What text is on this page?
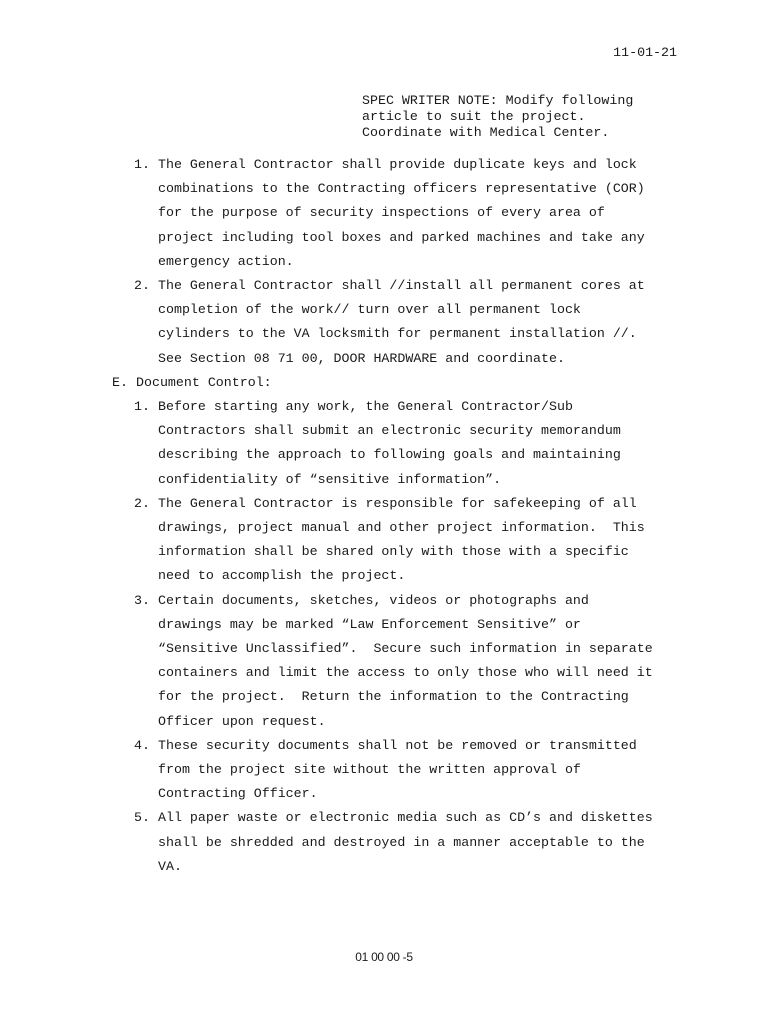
11-01-21
SPEC WRITER NOTE: Modify following
article to suit the project.
Coordinate with Medical Center.
1. The General Contractor shall provide duplicate keys and lock
combinations to the Contracting officers representative (COR)
for the purpose of security inspections of every area of
project including tool boxes and parked machines and take any
emergency action.
2. The General Contractor shall //install all permanent cores at
completion of the work// turn over all permanent lock
cylinders to the VA locksmith for permanent installation //.
See Section 08 71 00, DOOR HARDWARE and coordinate.
E. Document Control:
1. Before starting any work, the General Contractor/Sub
Contractors shall submit an electronic security memorandum
describing the approach to following goals and maintaining
confidentiality of “sensitive information”.
2. The General Contractor is responsible for safekeeping of all
drawings, project manual and other project information.  This
information shall be shared only with those with a specific
need to accomplish the project.
3. Certain documents, sketches, videos or photographs and
drawings may be marked “Law Enforcement Sensitive” or
“Sensitive Unclassified”.  Secure such information in separate
containers and limit the access to only those who will need it
for the project.  Return the information to the Contracting
Officer upon request.
4. These security documents shall not be removed or transmitted
from the project site without the written approval of
Contracting Officer.
5. All paper waste or electronic media such as CD’s and diskettes
shall be shredded and destroyed in a manner acceptable to the
VA.
01 00 00 -5
